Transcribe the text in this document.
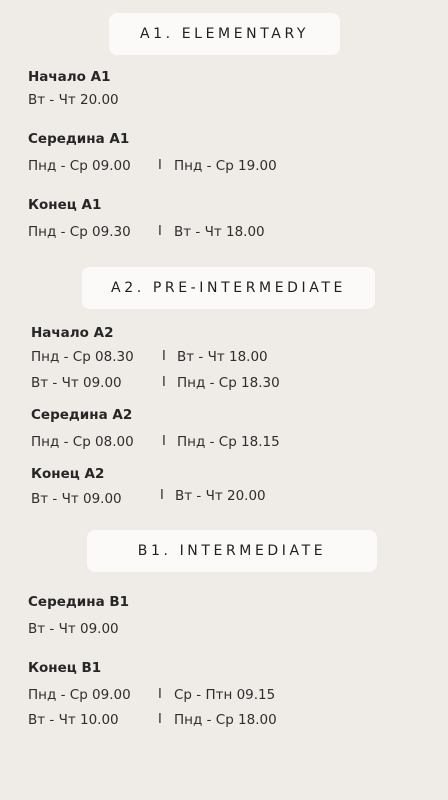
A1. ELEMENTARY
Начало А1
Вт - Чт 20.00
Середина А1
Пнд - Ср 09.00 I Пнд - Ср 19.00
Конец А1
Пнд - Ср 09.30 I Вт - Чт 18.00
A2. PRE-INTERMEDIATE
Начало А2
Пнд - Ср 08.30 I Вт - Чт 18.00
Вт - Чт 09.00	I Пнд - Ср 18.30
Середина А2
Пнд - Ср 08.00 I Пнд - Ср 18.15
Конец А2
Вт - Чт 09.00	I Вт - Чт 20.00
B1. INTERMEDIATE
Середина В1
Вт - Чт 09.00
Конец В1
Пнд - Ср 09.00 I Ср - Птн 09.15
Вт - Чт 10.00	I Пнд - Ср 18.00
